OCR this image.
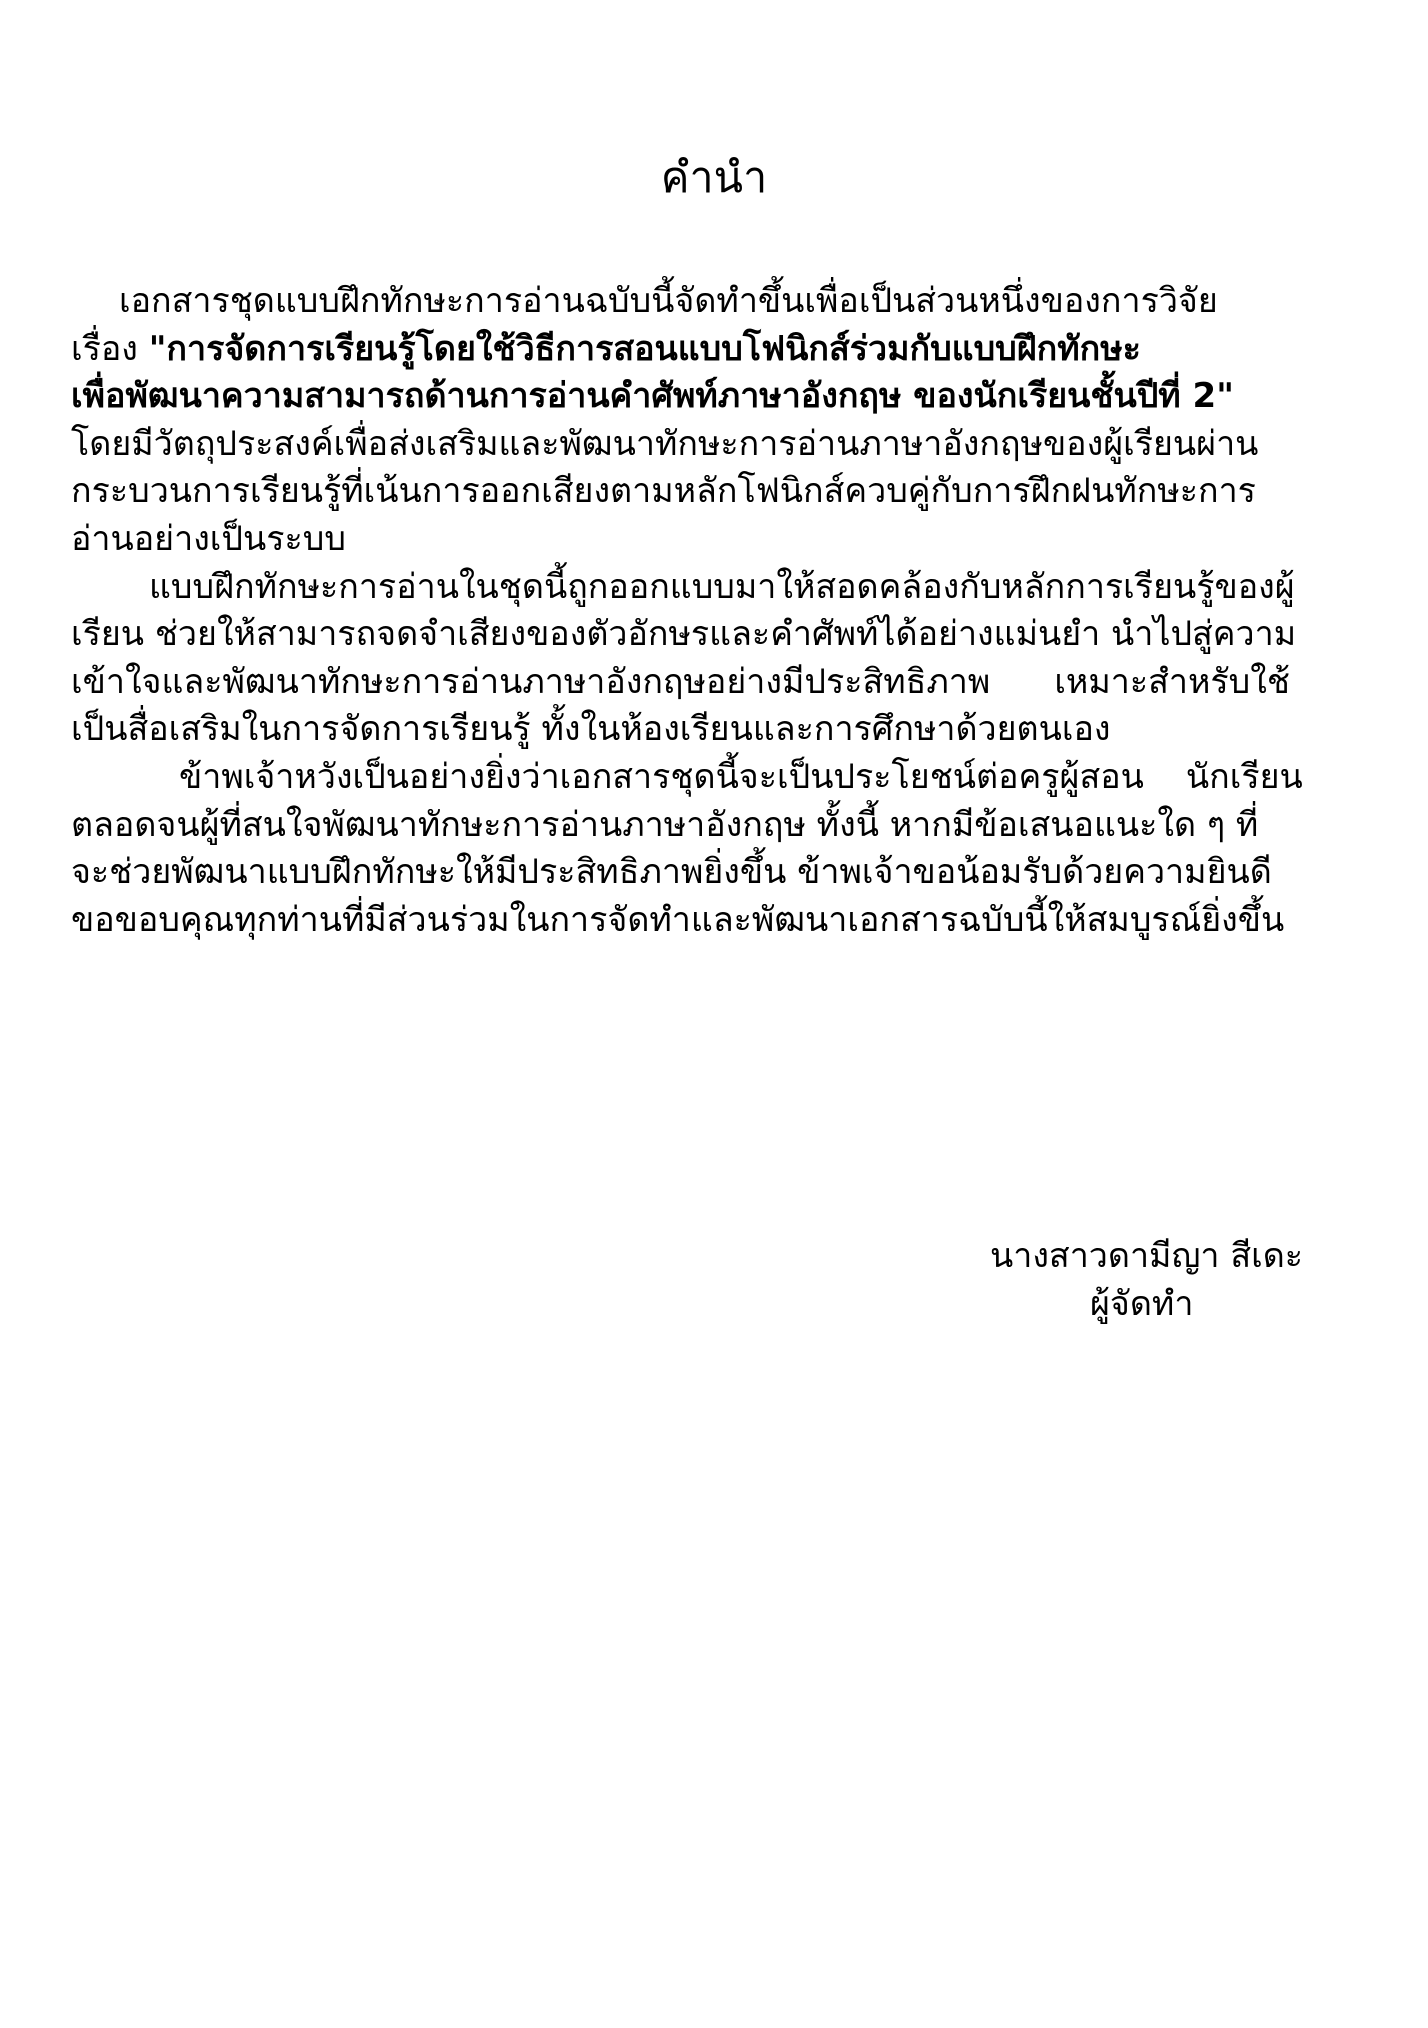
คำนำ
เอกสารชุดแบบฝึกทักษะการอ่านฉบับนี้จัดทำขึ้นเพื่อเป็นส่วนหนึ่งของการวิจัย
เรื่อง "การจัดการเรียนรู้โดยใช้วิธีการสอนแบบโฟนิกส์ร่วมกับแบบฝึกทักษะ
เพื่อพัฒนาความสามารถด้านการอ่านคำศัพท์ภาษาอังกฤษ ของนักเรียนชั้นปีที่ 2"
โดยมีวัตถุประสงค์เพื่อส่งเสริมและพัฒนาทักษะการอ่านภาษาอังกฤษของผู้เรียนผ่าน
กระบวนการเรียนรู้ที่เน้นการออกเสียงตามหลักโฟนิกส์ควบคู่กับการฝึกฝนทักษะการ
อ่านอย่างเป็นระบบ
แบบฝึกทักษะการอ่านในชุดนี้ถูกออกแบบมาให้สอดคล้องกับหลักการเรียนรู้ของผู้
เรียน ช่วยให้สามารถจดจำเสียงของตัวอักษรและคำศัพท์ได้อย่างแม่นยำ นำไปสู่ความ
เข้าใจและพัฒนาทักษะการอ่านภาษาอังกฤษอย่างมีประสิทธิภาพ เหมาะสำหรับใช้
เป็นสื่อเสริมในการจัดการเรียนรู้ ทั้งในห้องเรียนและการศึกษาด้วยตนเอง
ข้าพเจ้าหวังเป็นอย่างยิ่งว่าเอกสารชุดนี้จะเป็นประโยชน์ต่อครูผู้สอน นักเรียน
ตลอดจนผู้ที่สนใจพัฒนาทักษะการอ่านภาษาอังกฤษ ทั้งนี้ หากมีข้อเสนอแนะใด ๆ ที่
จะช่วยพัฒนาแบบฝึกทักษะให้มีประสิทธิภาพยิ่งขึ้น ข้าพเจ้าขอน้อมรับด้วยความยินดี
ขอขอบคุณทุกท่านที่มีส่วนร่วมในการจัดทำและพัฒนาเอกสารฉบับนี้ให้สมบูรณ์ยิ่งขึ้น
นางสาวดามีญา สีเดะ
ผู้จัดทำ
